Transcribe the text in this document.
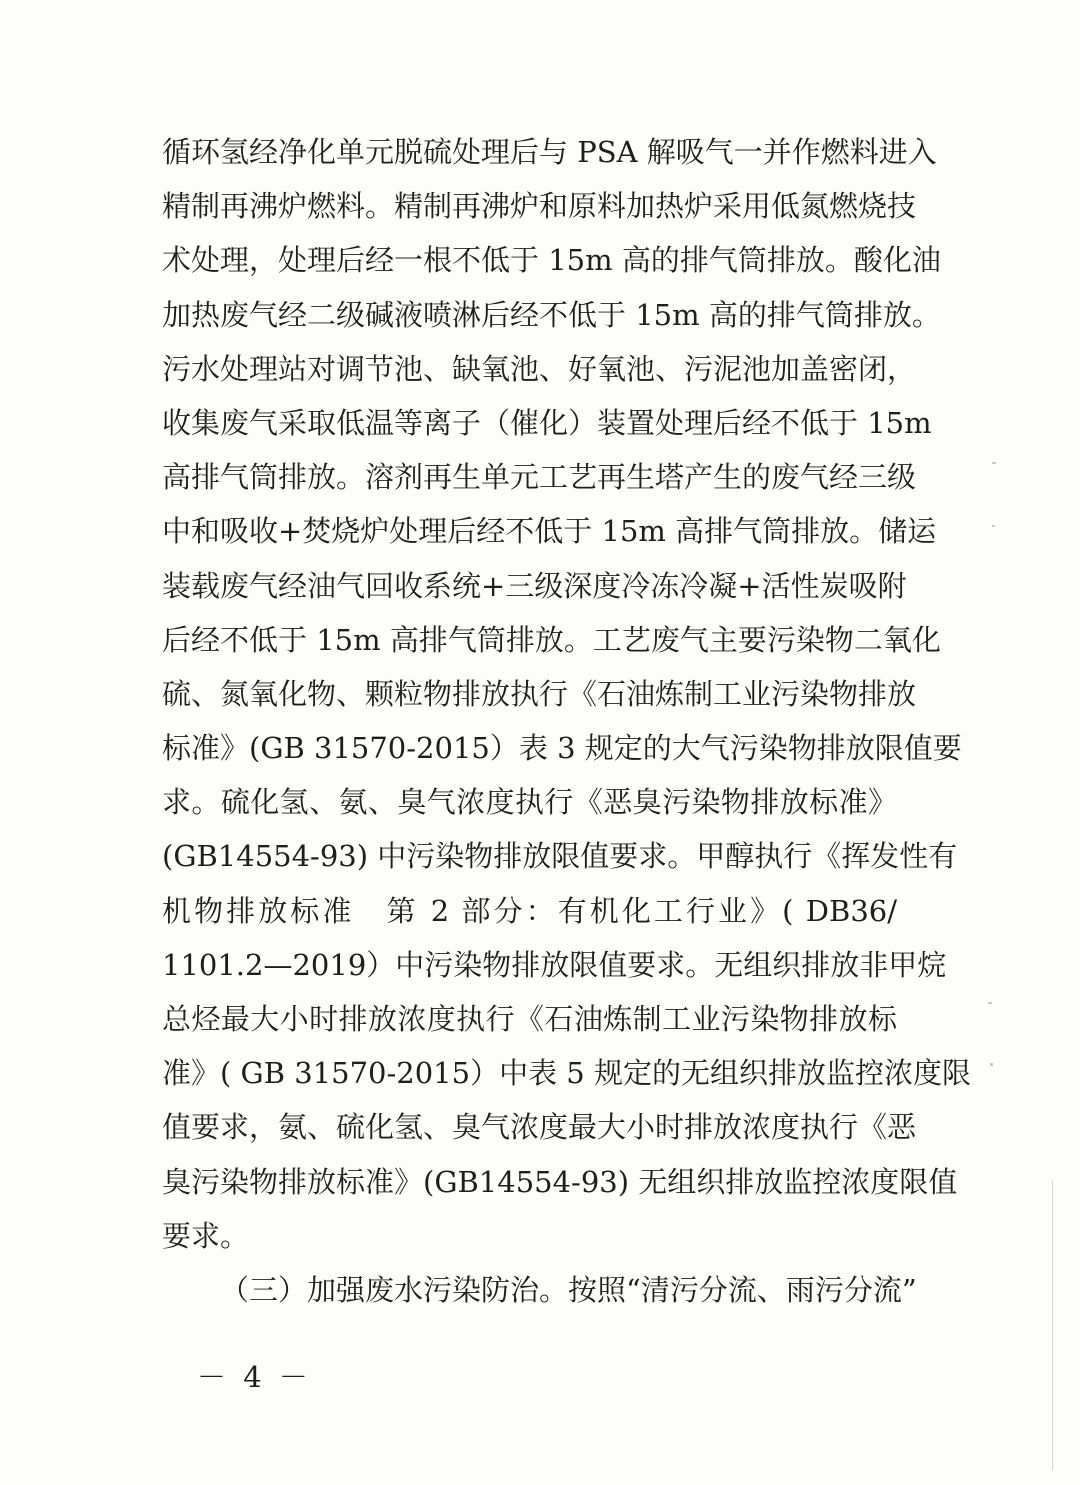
循环氢经净化单元脱硫处理后与 PSA 解吸气一并作燃料进入
精制再沸炉燃料。精制再沸炉和原料加热炉采用低氮燃烧技
术处理，处理后经一根不低于 15m 高的排气筒排放。酸化油
加热废气经二级碱液喷淋后经不低于 15m 高的排气筒排放。
污水处理站对调节池、缺氧池、好氧池、污泥池加盖密闭，
收集废气采取低温等离子（催化）装置处理后经不低于 15m
高排气筒排放。溶剂再生单元工艺再生塔产生的废气经三级
中和吸收+焚烧炉处理后经不低于 15m 高排气筒排放。储运
装载废气经油气回收系统+三级深度冷冻冷凝+活性炭吸附
后经不低于 15m 高排气筒排放。工艺废气主要污染物二氧化
硫、氮氧化物、颗粒物排放执行《石油炼制工业污染物排放
标准》(GB 31570-2015）表 3 规定的大气污染物排放限值要
求。硫化氢、氨、臭气浓度执行《恶臭污染物排放标准》
(GB14554-93) 中污染物排放限值要求。甲醇执行《挥发性有
机物排放标准　第 2 部分：有机化工行业》( DB36/
1101.2—2019）中污染物排放限值要求。无组织排放非甲烷
总烃最大小时排放浓度执行《石油炼制工业污染物排放标
准》( GB 31570-2015）中表 5 规定的无组织排放监控浓度限
值要求，氨、硫化氢、臭气浓度最大小时排放浓度执行《恶
臭污染物排放标准》(GB14554-93) 无组织排放监控浓度限值
要求。
（三）加强废水污染防治。按照“清污分流、雨污分流”
－ 4 －
